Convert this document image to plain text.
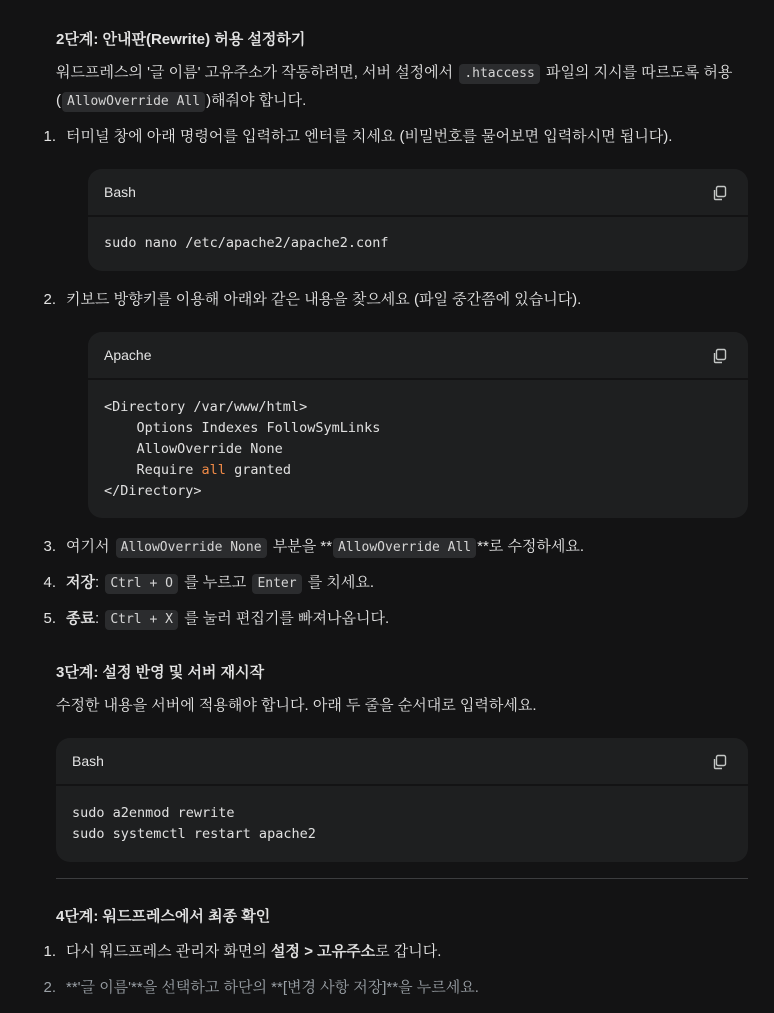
2단계: 안내판(Rewrite) 허용 설정하기
워드프레스의 '글 이름' 고유주소가 작동하려면, 서버 설정에서 .htaccess 파일의 지시를 따르도록 허용
( AllowOverride All )해줘야 합니다.
1. 터미널 창에 아래 명령어를 입력하고 엔터를 치세요 (비밀번호를 물어보면 입력하시면 됩니다).
Bash
sudo nano /etc/apache2/apache2.conf
2. 키보드 방향키를 이용해 아래와 같은 내용을 찾으세요 (파일 중간쯤에 있습니다).
Apache
<Directory /var/www/html>
Options Indexes FollowSymLinks
AllowOverride None
Require all granted
</Directory>
3. 여기서 AllowOverride None 부분을 ** AllowOverride All **로 수정하세요.
4. 저장: Ctrl + O 를 누르고 Enter 를 치세요.
5. 종료: Ctrl + X 를 눌러 편집기를 빠져나옵니다.
3단계: 설정 반영 및 서버 재시작
수정한 내용을 서버에 적용해야 합니다. 아래 두 줄을 순서대로 입력하세요.
Bash
sudo a2enmod rewrite
sudo systemctl restart apache2
4단계: 워드프레스에서 최종 확인
1. 다시 워드프레스 관리자 화면의 설정 > 고유주소로 갑니다.
2. **'글 이름'**을 선택하고 하단의 **[변경 사항 저장]**을 누르세요.
